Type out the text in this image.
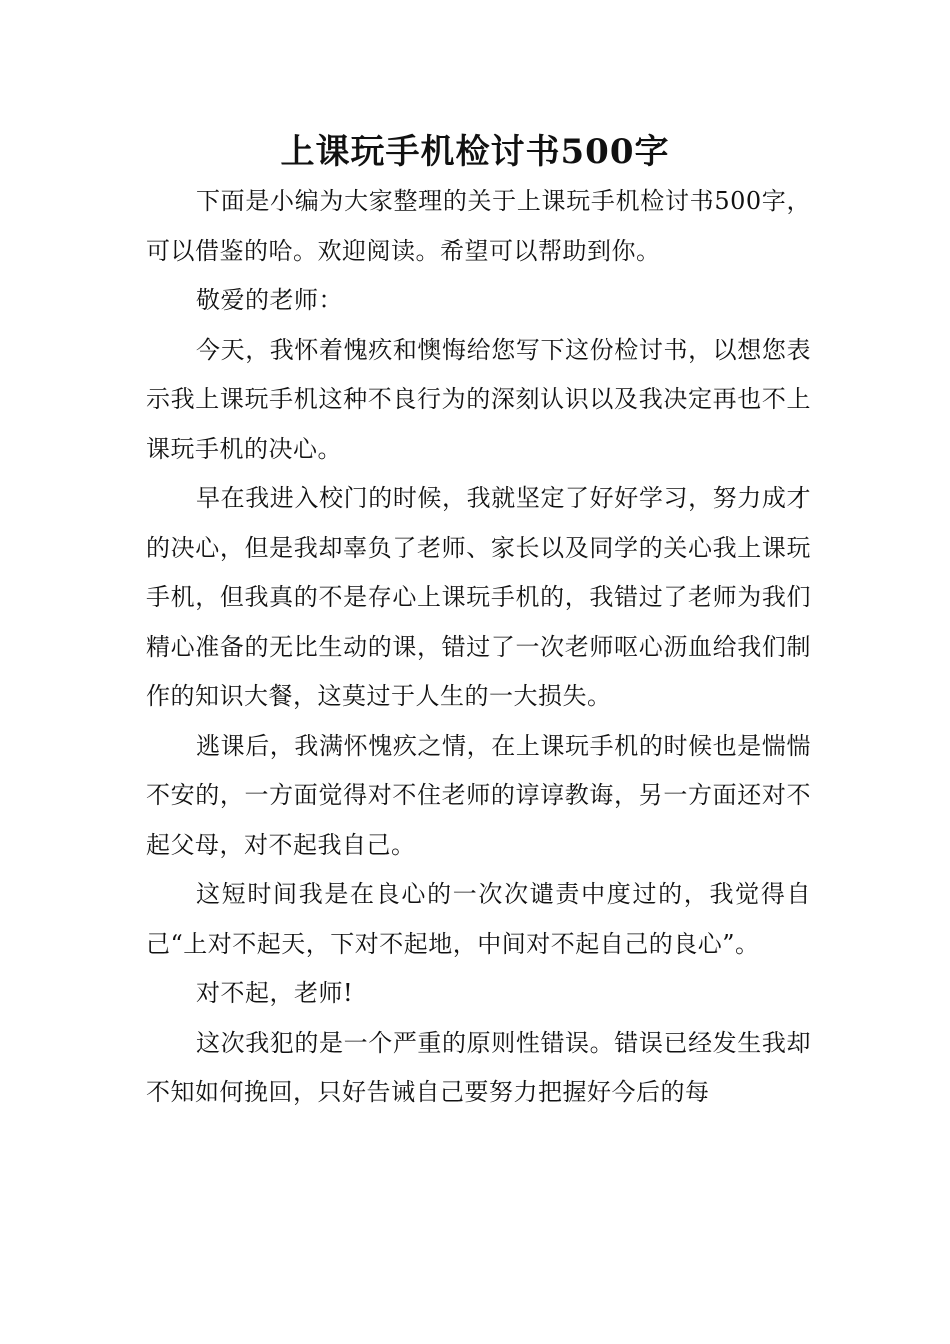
上课玩手机检讨书500字

下面是小编为大家整理的关于上课玩手机检讨书500字，可以借鉴的哈。欢迎阅读。希望可以帮助到你。

敬爱的老师：

今天，我怀着愧疚和懊悔给您写下这份检讨书，以想您表示我上课玩手机这种不良行为的深刻认识以及我决定再也不上课玩手机的决心。

早在我进入校门的时候，我就坚定了好好学习，努力成才的决心，但是我却辜负了老师、家长以及同学的关心我上课玩手机，但我真的不是存心上课玩手机的，我错过了老师为我们精心准备的无比生动的课，错过了一次老师呕心沥血给我们制作的知识大餐，这莫过于人生的一大损失。

逃课后，我满怀愧疚之情，在上课玩手机的时候也是惴惴不安的，一方面觉得对不住老师的谆谆教诲，另一方面还对不起父母，对不起我自己。

这短时间我是在良心的一次次谴责中度过的，我觉得自己“上对不起天，下对不起地，中间对不起自己的良心”。

对不起，老师!

这次我犯的是一个严重的原则性错误。错误已经发生我却不知如何挽回，只好告诫自己要努力把握好今后的每
